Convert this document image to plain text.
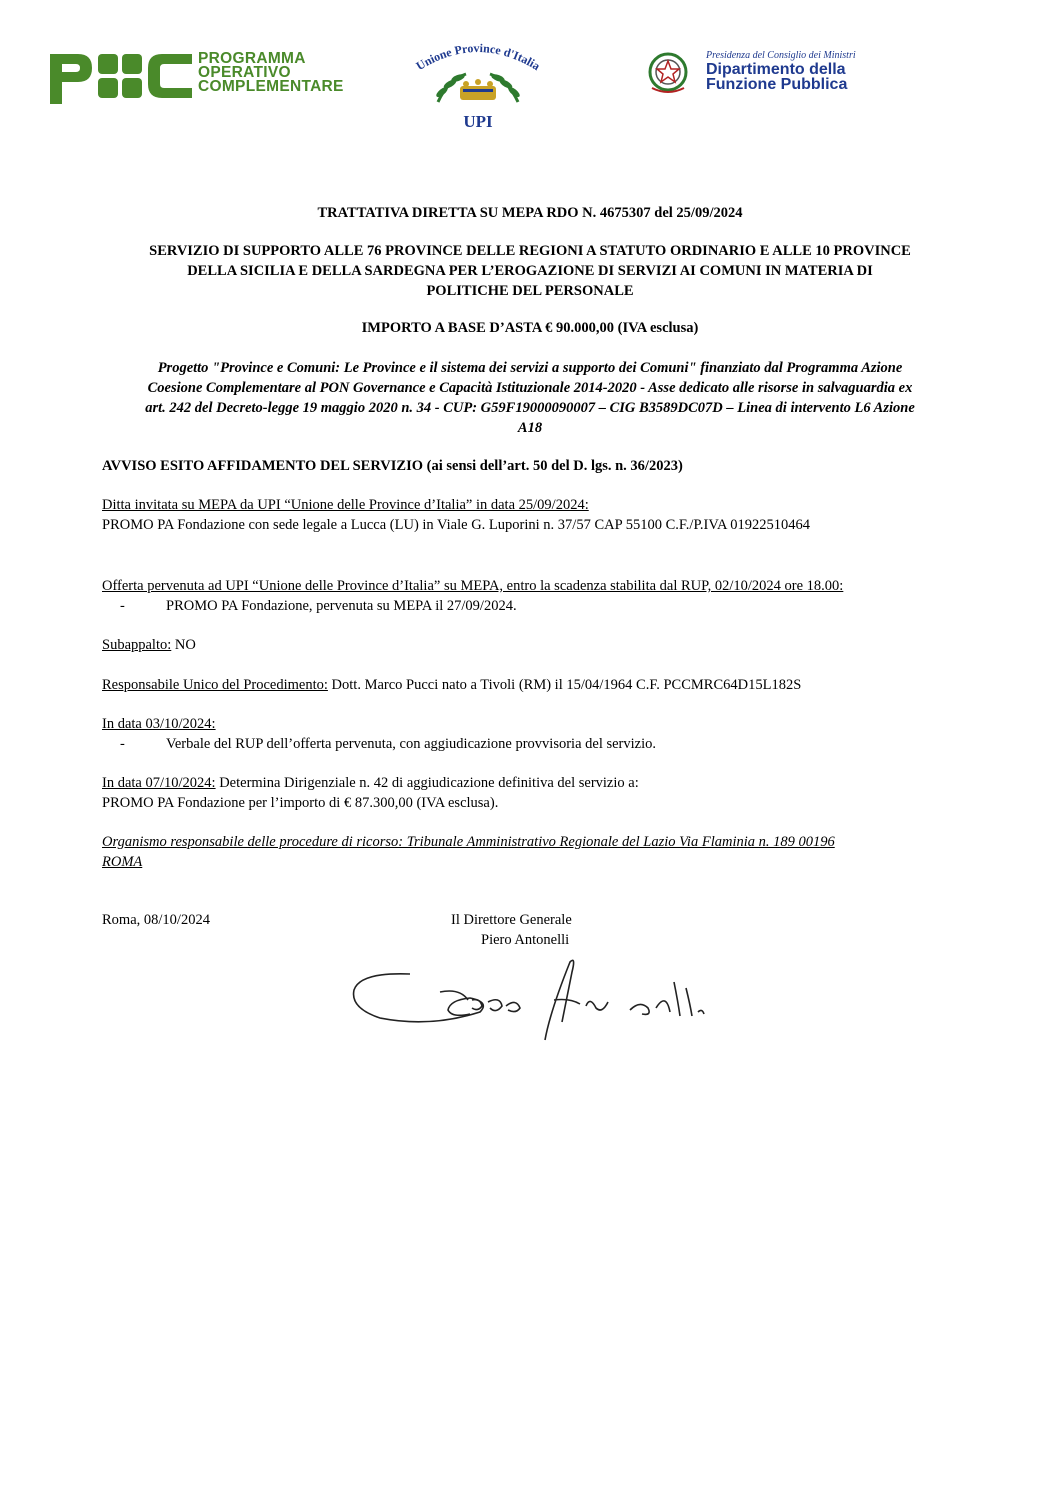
PROGRAMMA
OPERATIVO
COMPLEMENTARE
Unione Province d'Italia
UPI
Presidenza del Consiglio dei Ministri
Dipartimento della
Funzione Pubblica
TRATTATIVA DIRETTA SU MEPA RDO N. 4675307 del 25/09/2024
SERVIZIO DI SUPPORTO ALLE 76 PROVINCE DELLE REGIONI A STATUTO ORDINARIO E ALLE 10 PROVINCE
DELLA SICILIA E DELLA SARDEGNA PER L’EROGAZIONE DI SERVIZI AI COMUNI IN MATERIA DI
POLITICHE DEL PERSONALE
IMPORTO A BASE D’ASTA € 90.000,00 (IVA esclusa)
Progetto "Province e Comuni: Le Province e il sistema dei servizi a supporto dei Comuni" finanziato dal Programma Azione
Coesione Complementare al PON Governance e Capacità Istituzionale 2014-2020 - Asse dedicato alle risorse in salvaguardia ex
art. 242 del Decreto-legge 19 maggio 2020 n. 34 - CUP: G59F19000090007 – CIG B3589DC07D – Linea di intervento L6 Azione
A18
AVVISO ESITO AFFIDAMENTO DEL SERVIZIO (ai sensi dell’art. 50 del D. lgs. n. 36/2023)
Ditta invitata su MEPA da UPI “Unione delle Province d’Italia” in data 25/09/2024:
PROMO PA Fondazione con sede legale a Lucca (LU) in Viale G. Luporini n. 37/57 CAP 55100 C.F./P.IVA 01922510464
Offerta pervenuta ad UPI “Unione delle Province d’Italia” su MEPA, entro la scadenza stabilita dal RUP, 02/10/2024 ore 18.00:
-	PROMO PA Fondazione, pervenuta su MEPA il 27/09/2024.
Subappalto: NO
Responsabile Unico del Procedimento: Dott. Marco Pucci nato a Tivoli (RM) il 15/04/1964 C.F. PCCMRC64D15L182S
In data 03/10/2024:
-	Verbale del RUP dell’offerta pervenuta, con aggiudicazione provvisoria del servizio.
In data 07/10/2024: Determina Dirigenziale n. 42 di aggiudicazione definitiva del servizio a:
PROMO PA Fondazione per l’importo di € 87.300,00 (IVA esclusa).
Organismo responsabile delle procedure di ricorso: Tribunale Amministrativo Regionale del Lazio Via Flaminia n. 189 00196
ROMA
Roma, 08/10/2024	Il Direttore Generale
Piero Antonelli
